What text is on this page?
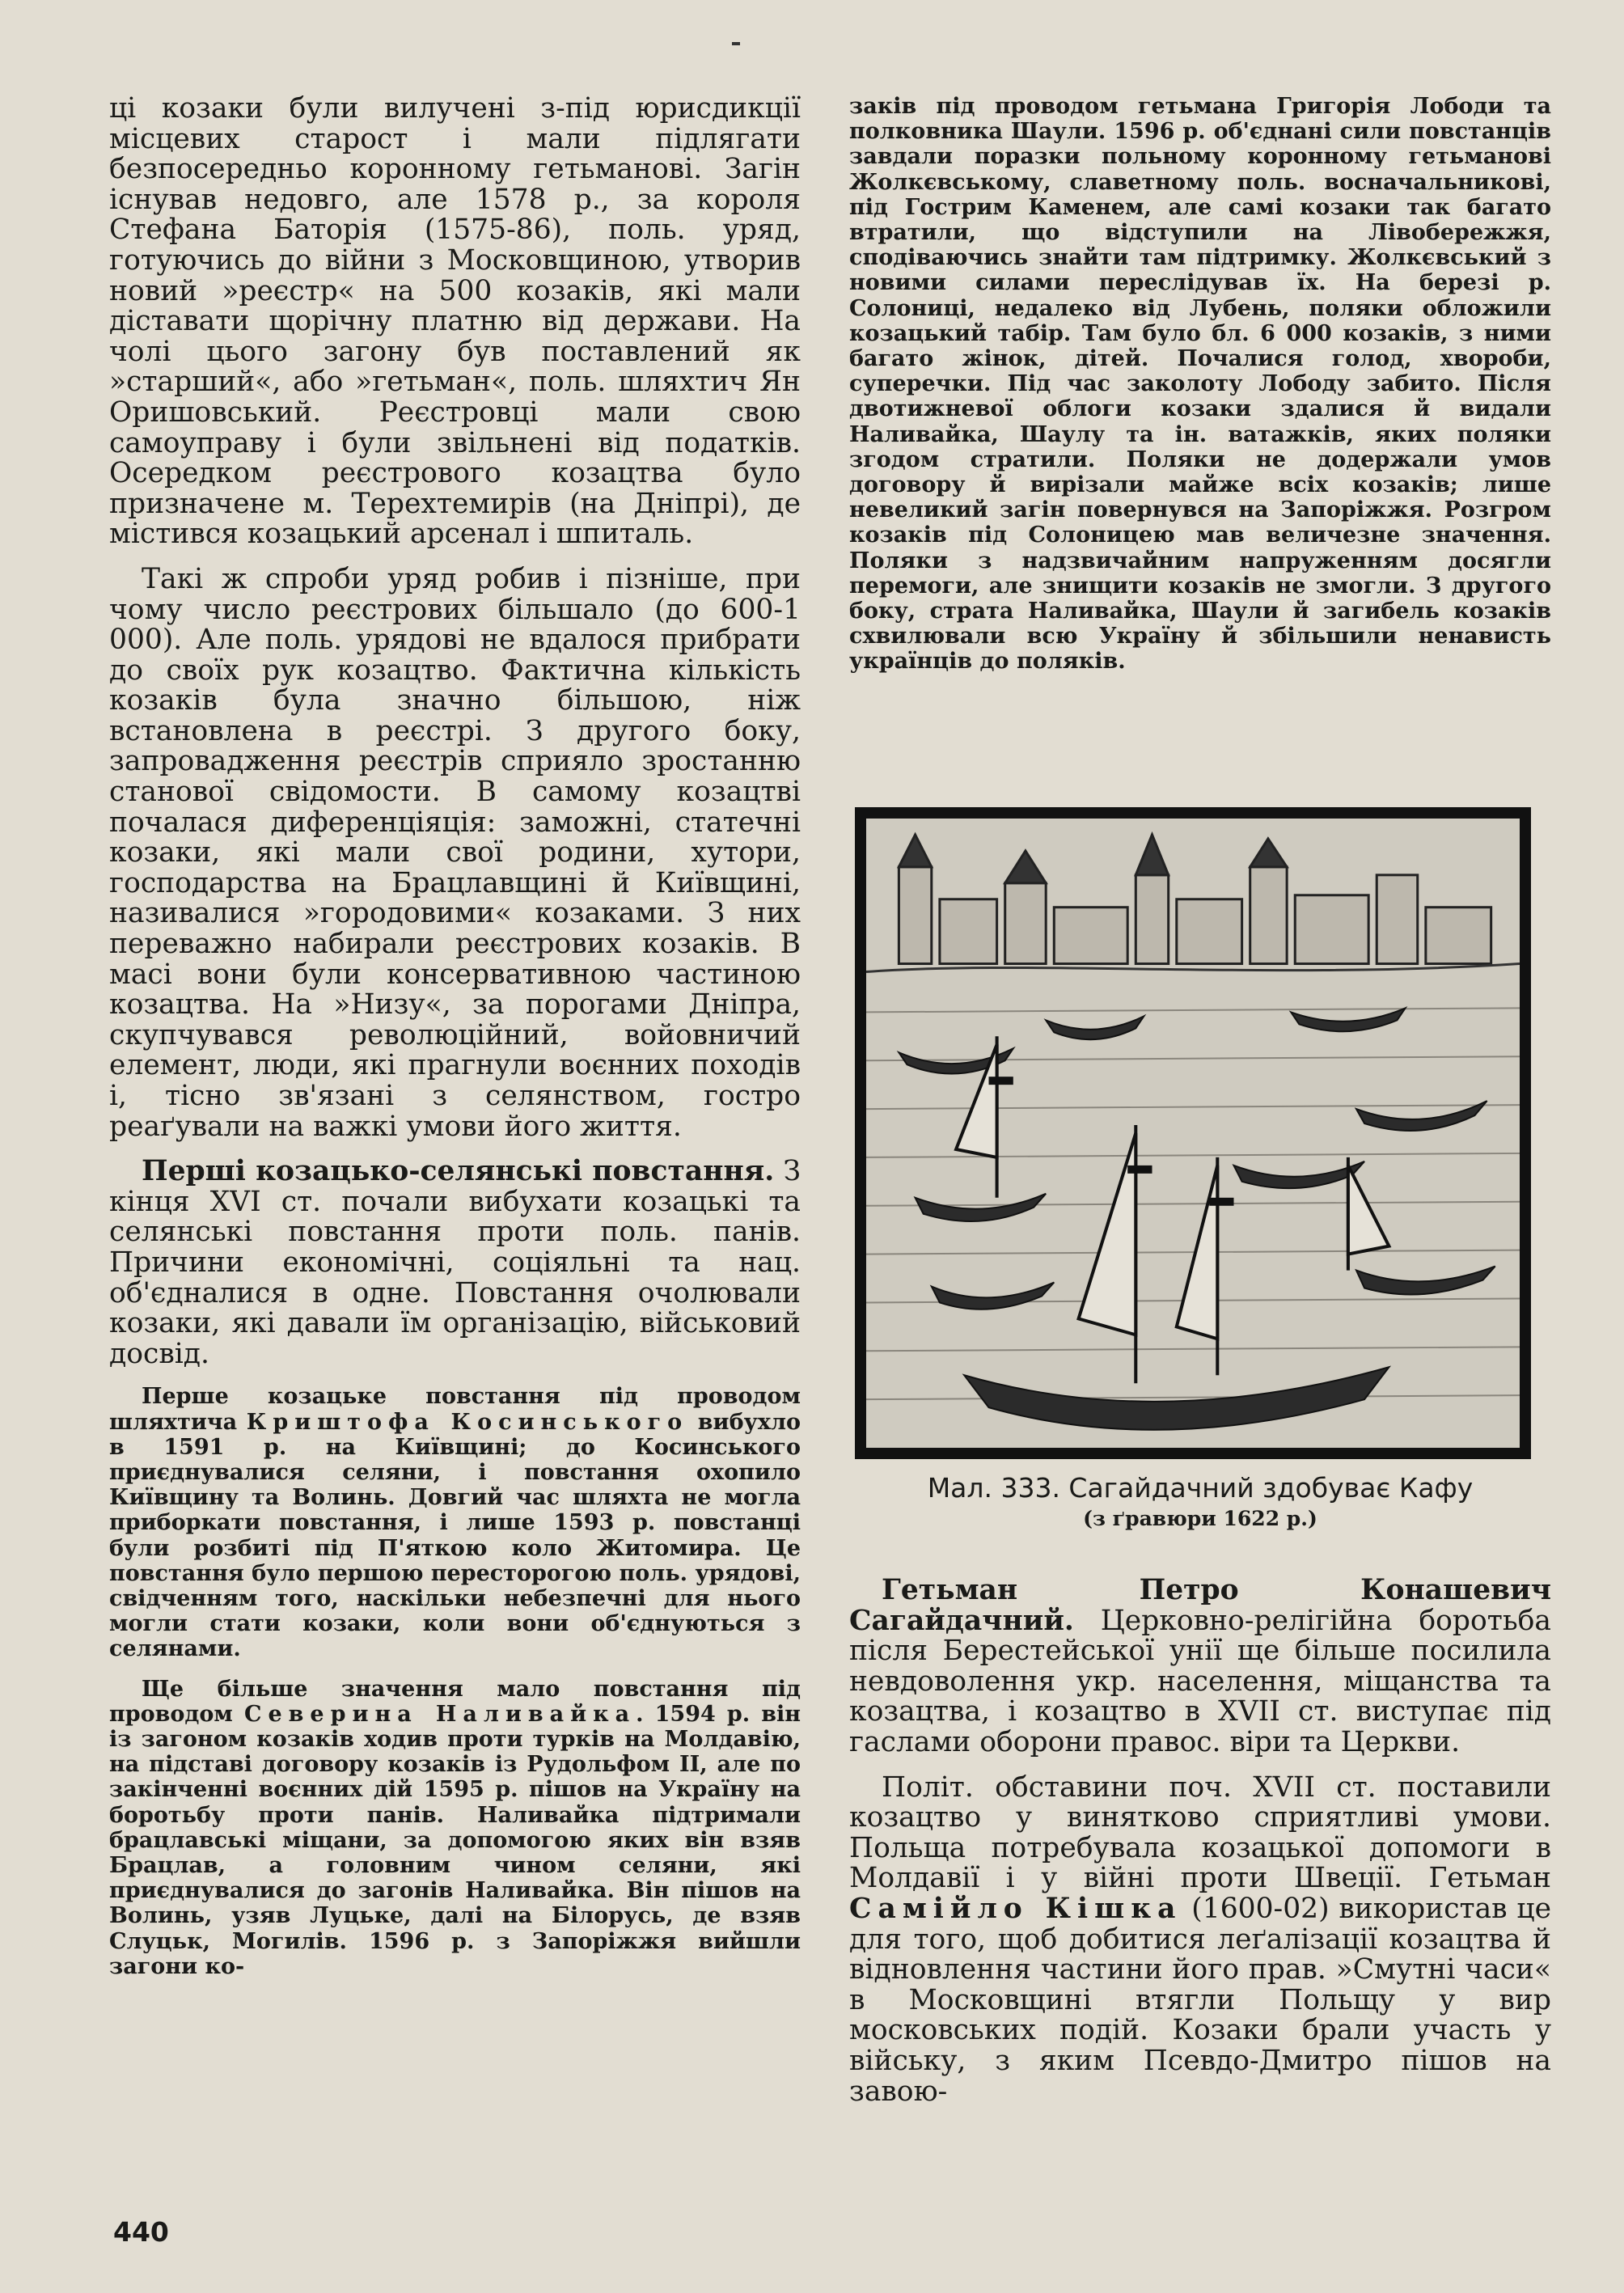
ці козаки були вилучені з-під юрисдикції місцевих старост і мали підлягати безпосередньо коронному гетьманові. Загін існував недовго, але 1578 р., за короля Стефана Баторія (1575-86), поль. уряд, готуючись до війни з Московщиною, утворив новий »реєстр« на 500 козаків, які мали діставати щорічну платню від держави. На чолі цього загону був поставлений як »старший«, або »гетьман«, поль. шляхтич Ян Оришовський. Реєстровці мали свою самоуправу і були звільнені від податків. Осередком реєстрового козацтва було призначене м. Терехтемирів (на Дніпрі), де містився козацький арсенал і шпиталь.

Такі ж спроби уряд робив і пізніше, при чому число реєстрових більшало (до 600-1 000). Але поль. урядові не вдалося прибрати до своїх рук козацтво. Фактична кількість козаків була значно більшою, ніж встановлена в реєстрі. З другого боку, запровадження реєстрів сприяло зростанню станової свідомости. В самому козацтві почалася диференціяція: заможні, статечні козаки, які мали свої родини, хутори, господарства на Брацлавщині й Київщині, називалися »городовими« козаками. З них переважно набирали реєстрових козаків. В масі вони були консервативною частиною козацтва. На »Низу«, за порогами Дніпра, скупчувався революційний, войовничий елемент, люди, які прагнули воєнних походів і, тісно зв'язані з селянством, гостро реаґували на важкі умови його життя.

Перші козацько-селянські повстання. З кінця XVI ст. почали вибухати козацькі та селянські повстання проти поль. панів. Причини економічні, соціяльні та нац. об'єдналися в одне. Повстання очолювали козаки, які давали їм організацію, військовий досвід.

Перше козацьке повстання під проводом шляхтича Криштофа Косинського вибухло в 1591 р. на Київщині; до Косинського приєднувалися селяни, і повстання охопило Київщину та Волинь. Довгий час шляхта не могла приборкати повстання, і лише 1593 р. повстанці були розбиті під П'яткою коло Житомира. Це повстання було першою пересторогою поль. урядові, свідченням того, наскільки небезпечні для нього могли стати козаки, коли вони об'єднуються з селянами.

Ще більше значення мало повстання під проводом Северина Наливайка. 1594 р. він із загоном козаків ходив проти турків на Молдавію, на підставі договору козаків із Рудольфом II, але по закінченні воєнних дій 1595 р. пішов на Україну на боротьбу проти панів. Наливайка підтримали брацлавські міщани, за допомогою яких він взяв Брацлав, а головним чином селяни, які приєднувалися до загонів Наливайка. Він пішов на Волинь, узяв Луцьке, далі на Білорусь, де взяв Слуцьк, Могилів. 1596 р. з Запоріжжя вийшли загони ко-

заків під проводом гетьмана Григорія Лободи та полковника Шаули. 1596 р. об'єднані сили повстанців завдали поразки польному коронному гетьманові Жолкєвському, славетному поль. восначальникові, під Гострим Каменем, але самі козаки так багато втратили, що відступили на Лівобережжя, сподіваючись знайти там підтримку. Жолкєвський з новими силами переслідував їх. На березі р. Солониці, недалеко від Лубень, поляки обложили козацький табір. Там було бл. 6 000 козаків, з ними багато жінок, дітей. Почалися голод, хвороби, суперечки. Під час заколоту Лободу забито. Після двотижневої облоги козаки здалися й видали Наливайка, Шаулу та ін. ватажків, яких поляки згодом стратили. Поляки не додержали умов договору й вирізали майже всіх козаків; лише невеликий загін повернувся на Запоріжжя. Розгром козаків під Солоницею мав величезне значення. Поляки з надзвичайним напруженням досягли перемоги, але знищити козаків не змогли. З другого боку, страта Наливайка, Шаули й загибель козаків схвилювали всю Україну й збільшили ненависть українців до поляків.

Мал. 333. Сагайдачний здобуває Кафу
(з ґравюри 1622 р.)

Гетьман Петро Конашевич Сагайдачний. Церковно-релігійна боротьба після Берестейської унії ще більше посилила невдоволення укр. населення, міщанства та козацтва, і козацтво в XVII ст. виступає під гаслами оборони правос. віри та Церкви.

Політ. обставини поч. XVII ст. поставили козацтво у винятково сприятливі умови. Польща потребувала козацької допомоги в Молдавії і у війні проти Швеції. Гетьман Самійло Кішка (1600-02) використав це для того, щоб добитися леґалізації козацтва й відновлення частини його прав. »Смутні часи« в Московщині втягли Польщу у вир московських подій. Козаки брали участь у війську, з яким Псевдо-Дмитро пішов на завою-

440
